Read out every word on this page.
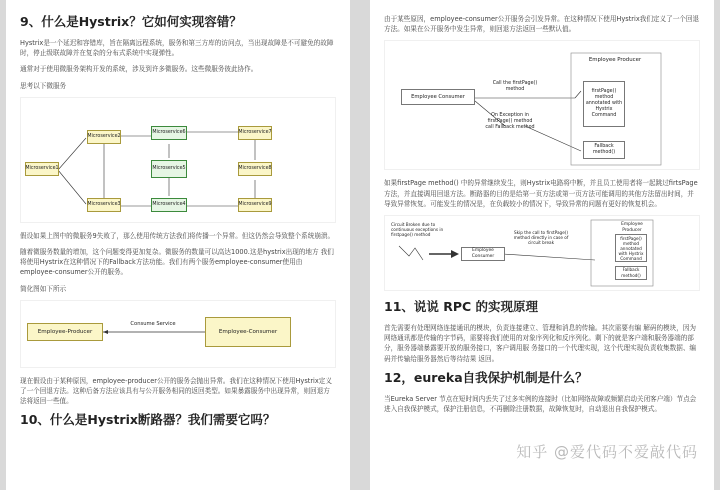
9、什么是Hystrix？它如何实现容错？

Hystrix是一个延迟和容错库，旨在隔离远程系统，服务和第三方库的访问点，当出现故障是不可避免的故障时，停止级联故障并在复杂的分布式系统中实现弹性。

通常对于使用微服务架构开发的系统，涉及到许多微服务。这些微服务彼此协作。

思考以下微服务

Microservice1
Microservice2
Microservice3	Microservice4
Microservice5
Microservice6	Microservice7
Microservice8
Microservice9

假设如果上图中的微服务9失败了，那么使用传统方法我们将传播一个异常。但这仍然会导致整个系统崩溃。

随着微服务数量的增加，这个问题变得更加复杂。微服务的数量可以高达1000.这是hystrix出现的地方 我们将使用Hystrix在这种情况下的Fallback方法功能。我们有两个服务employee-consumer使用由employee-consumer公开的服务。

简化图如下所示

Employee-Producer
Consume Service
Employee-Consumer

现在假设由于某种原因，employee-producer公开的服务会抛出异常。我们在这种情况下使用Hystrix定义了一个回退方法。这种后备方法应该具有与公开服务相同的返回类型。如果暴露服务中出现异常，则回退方法将返回一些值。

10、什么是Hystrix断路器？我们需要它吗？

由于某些原因，employee-consumer公开服务会引发异常。在这种情况下使用Hystrix我们定义了一个回退方法。如果在公开服务中发生异常，则回退方法返回一些默认值。

Employee Producer
Employee Consumer
Call the firstPage() method	firstPage() method annotated with Hystrix Command
On Exception in firstPage() method call Fallback method
Fallback method()

如果firstPage method() 中的异常继续发生，则Hystrix电路将中断，并且员工使用者将一起跳过firtsPage方法，并直接调用回退方法。断路器的目的是给第一页方法或第一页方法可能调用的其他方法留出时间，并导致异常恢复。可能发生的情况是，在负载较小的情况下，导致异常的问题有更好的恢复机会。

Circuit Broken due to continuous exceptions in firstpage() method
Employee Consumer
Skip the call to firstPage() method directly in case of circuit break
Employee Producer
firstPage() method annotated with Hystrix Command
Fallback method()
11、说说 RPC 的实现原理

首先需要有处理网络连接通讯的模块，负责连接建立、管理和消息的传输。其次需要有编 解码的模块，因为网络通讯都是传输的字节码，需要将我们使用的对象序列化和反序列化。剩下的就是客户端和服务器端的部分，服务器端暴露要开放的服务接口，客户调用服 务接口的一个代理实现，这个代理实现负责收集数据、编码并传输给服务器然后等待结果 返回。

12，eureka自我保护机制是什么？

当Eureka Server 节点在短时间内丢失了过多实例的连接时（比如网络故障或频繁启动关闭客户端）节点会进入自我保护模式，保护注册信息，不再删除注册数据，故障恢复时，自动退出自我保护模式。

知乎 @爱代码不爱敲代码
